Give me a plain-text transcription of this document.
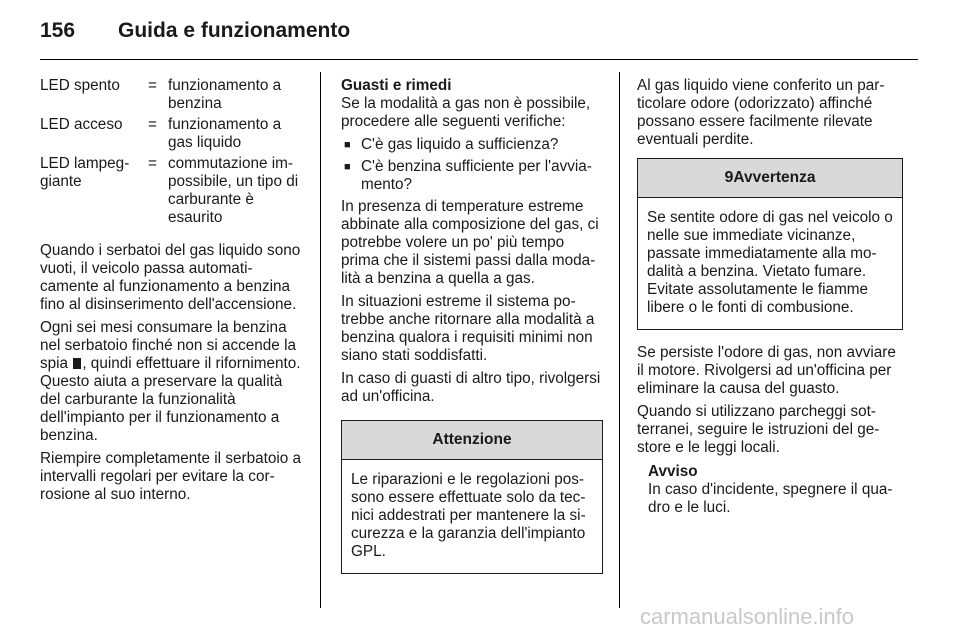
156 Guida e funzionamento
LED spento	= funzionamento a benzina
LED acceso	= funzionamento a gas liquido
LED lampeggiante
= commutazione impossibile, un tipo di carburante è esaurito

Quando i serbatoi del gas liquido sono vuoti, il veicolo passa automaticamente al funzionamento a benzina fino al disinserimento dell'accensione.

Ogni sei mesi consumare la benzina nel serbatoio finché non si accende la spia , quindi effettuare il rifornimento. Questo aiuta a preservare la qualità del carburante la funzionalità dell'impianto per il funzionamento a benzina.

Riempire completamente il serbatoio a intervalli regolari per evitare la corrosione al suo interno.

Guasti e rimedi

Se la modalità a gas non è possibile, procedere alle seguenti verifiche:

■ C'è gas liquido a sufficienza?
■ C'è benzina sufficiente per l'avviamento?

In presenza di temperature estreme abbinate alla composizione del gas, ci potrebbe volere un po' più tempo prima che il sistemi passi dalla modalità a benzina a quella a gas.

In situazioni estreme il sistema potrebbe anche ritornare alla modalità a benzina qualora i requisiti minimi non siano stati soddisfatti.

In caso di guasti di altro tipo, rivolgersi ad un'officina.

Attenzione
Le riparazioni e le regolazioni possono essere effettuate solo da tecnici addestrati per mantenere la sicurezza e la garanzia dell'impianto GPL.

Al gas liquido viene conferito un particolare odore (odorizzato) affinché possano essere facilmente rilevate eventuali perdite.

9Avvertenza
Se sentite odore di gas nel veicolo o nelle sue immediate vicinanze, passate immediatamente alla modalità a benzina. Vietato fumare. Evitate assolutamente le fiamme libere o le fonti di combusione.

Se persiste l'odore di gas, non avviare il motore. Rivolgersi ad un'officina per eliminare la causa del guasto.

Quando si utilizzano parcheggi sotterranei, seguire le istruzioni del gestore e le leggi locali.

Avviso
In caso d'incidente, spegnere il quadro e le luci.
carmanualsonline.info
